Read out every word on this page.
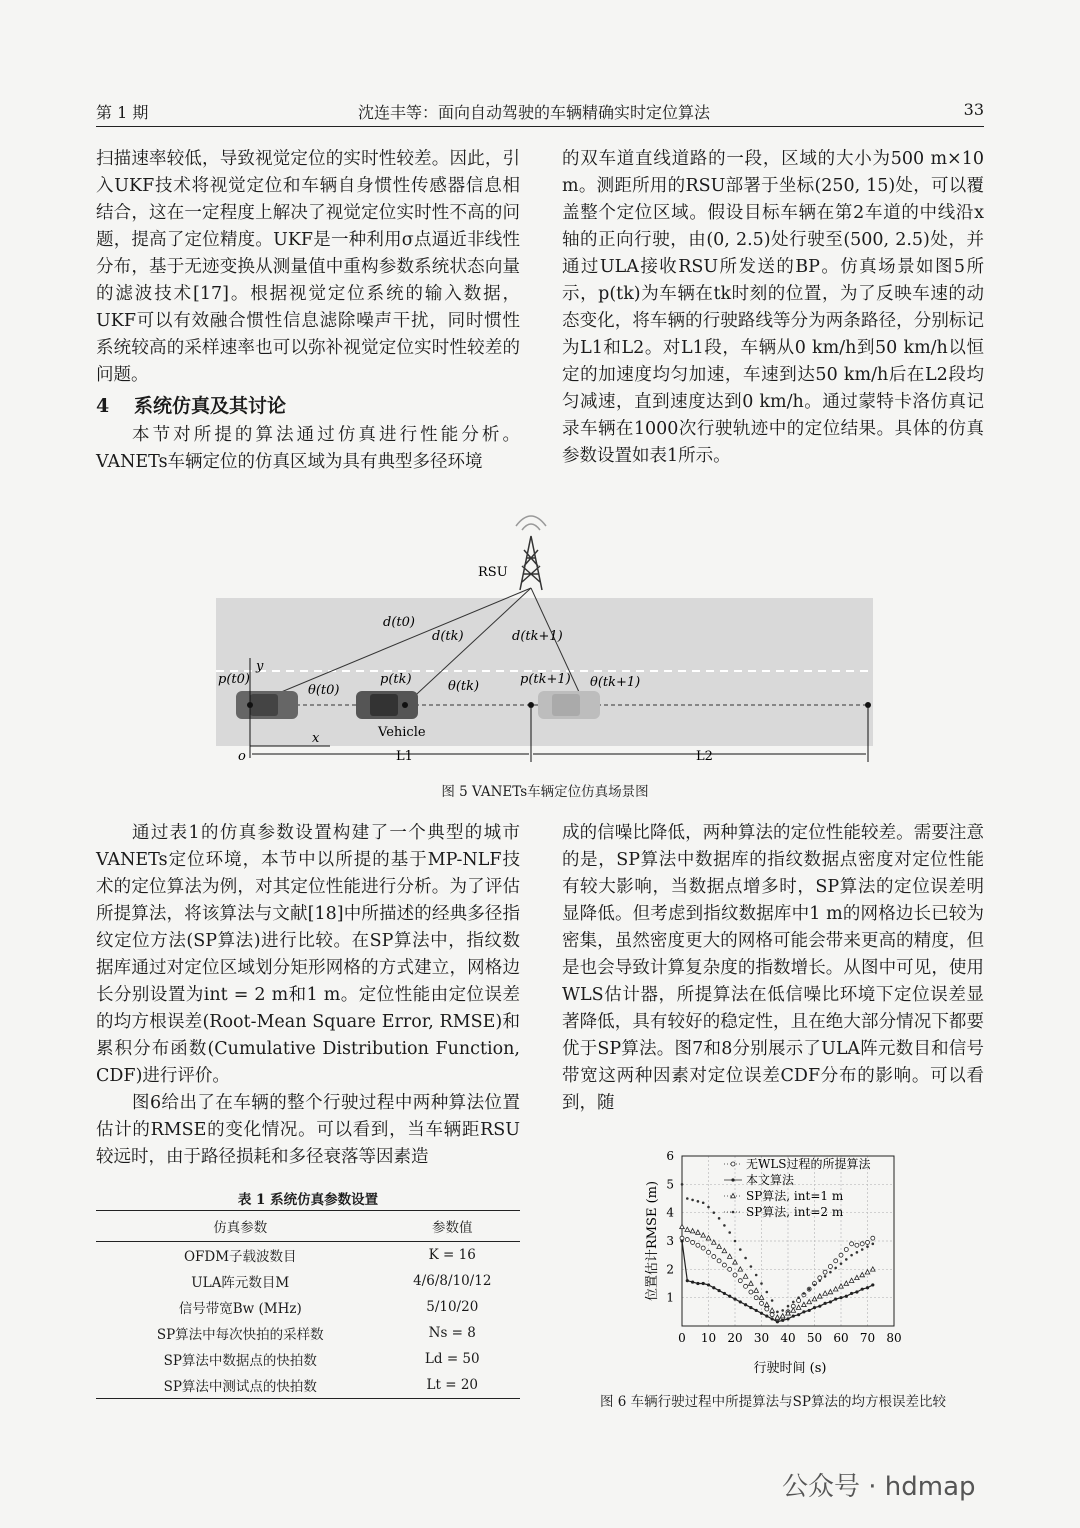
第 1 期	沈连丰等：面向自动驾驶的车辆精确实时定位算法	33

扫描速率较低，导致视觉定位的实时性较差。因此，引入UKF技术将视觉定位和车辆自身惯性传感器信息相结合，这在一定程度上解决了视觉定位实时性不高的问题，提高了定位精度。UKF是一种利用σ点逼近非线性分布，基于无迹变换从测量值中重构参数系统状态向量的滤波技术[17]。根据视觉定位系统的输入数据，UKF可以有效融合惯性信息滤除噪声干扰，同时惯性系统较高的采样速率也可以弥补视觉定位实时性较差的问题。

4 系统仿真及其讨论

本节对所提的算法通过仿真进行性能分析。VANETs车辆定位的仿真区域为具有典型多径环境

的双车道直线道路的一段，区域的大小为500 m×10 m。测距所用的RSU部署于坐标(250, 15)处，可以覆盖整个定位区域。假设目标车辆在第2车道的中线沿x轴的正向行驶，由(0, 2.5)处行驶至(500, 2.5)处，并通过ULA接收RSU所发送的BP。仿真场景如图5所示，p(tk)为车辆在tk时刻的位置，为了反映车速的动态变化，将车辆的行驶路线等分为两条路径，分别标记为L1和L2。对L1段，车辆从0 km/h到50 km/h以恒定的加速度均匀加速，车速到达50 km/h后在L2段均匀减速，直到速度达到0 km/h。通过蒙特卡洛仿真记录车辆在1000次行驶轨迹中的定位结果。具体的仿真参数设置如表1所示。

RSU
d(t0)
d(tk)	d(tk+1)
p(t0)	p(tk)	p(tk+1)
θ(t0)	θ(tk)	θ(tk+1)
Vehicle
y
x
o	L1	L2
图 5 VANETs车辆定位仿真场景图

通过表1的仿真参数设置构建了一个典型的城市VANETs定位环境，本节中以所提的基于MP-NLF技术的定位算法为例，对其定位性能进行分析。为了评估所提算法，将该算法与文献[18]中所描述的经典多径指纹定位方法(SP算法)进行比较。在SP算法中，指纹数据库通过对定位区域划分矩形网格的方式建立，网格边长分别设置为int = 2 m和1 m。定位性能由定位误差的均方根误差(Root-Mean Square Error, RMSE)和累积分布函数(Cumulative Distribution Function, CDF)进行评价。

图6给出了在车辆的整个行驶过程中两种算法位置估计的RMSE的变化情况。可以看到，当车辆距RSU较远时，由于路径损耗和多径衰落等因素造

成的信噪比降低，两种算法的定位性能较差。需要注意的是，SP算法中数据库的指纹数据点密度对定位性能有较大影响，当数据点增多时，SP算法的定位误差明显降低。但考虑到指纹数据库中1 m的网格边长已较为密集，虽然密度更大的网格可能会带来更高的精度，但是也会导致计算复杂度的指数增长。从图中可见，使用WLS估计器，所提算法在低信噪比环境下定位误差显著降低，具有较好的稳定性，且在绝大部分情况下都要优于SP算法。图7和8分别展示了ULA阵元数目和信号带宽这两种因素对定位误差CDF分布的影响。可以看到，随

表 1 系统仿真参数设置
仿真参数	参数值
OFDM子载波数目	K = 16
ULA阵元数目M	4/6/8/10/12
信号带宽Bw (MHz)	5/10/20
SP算法中每次快拍的采样数	Ns = 8
SP算法中数据点的快拍数	Ld = 50
SP算法中测试点的快拍数	Lt = 20
0 10 20 30 40 50 60 70 80
1
2
3
4
5
6
无WLS过程的所提算法
本文算法
SP算法, int=1 m
SP算法, int=2 m
行驶时间 (s)
位置估计RMSE (m)
图 6 车辆行驶过程中所提算法与SP算法的均方根误差比较
公众号 · hdmap
